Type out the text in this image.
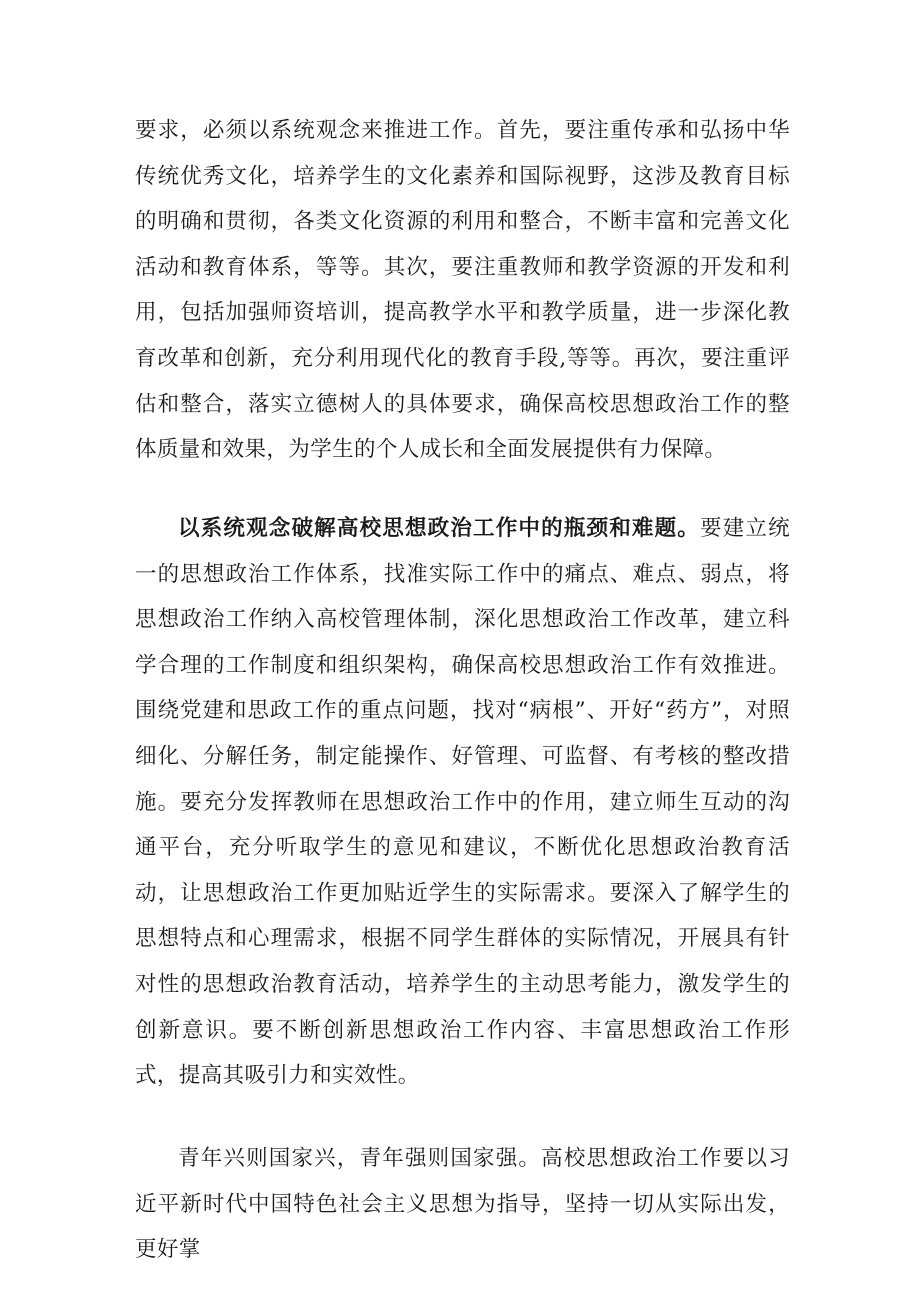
要求，必须以系统观念来推进工作。首先，要注重传承和弘扬中华传统优秀文化，培养学生的文化素养和国际视野，这涉及教育目标的明确和贯彻，各类文化资源的利用和整合，不断丰富和完善文化活动和教育体系，等等。其次，要注重教师和教学资源的开发和利用，包括加强师资培训，提高教学水平和教学质量，进一步深化教育改革和创新，充分利用现代化的教育手段,等等。再次，要注重评估和整合，落实立德树人的具体要求，确保高校思想政治工作的整体质量和效果，为学生的个人成长和全面发展提供有力保障。

以系统观念破解高校思想政治工作中的瓶颈和难题。要建立统一的思想政治工作体系，找准实际工作中的痛点、难点、弱点，将思想政治工作纳入高校管理体制，深化思想政治工作改革，建立科学合理的工作制度和组织架构，确保高校思想政治工作有效推进。围绕党建和思政工作的重点问题，找对“病根”、开好“药方”，对照细化、分解任务，制定能操作、好管理、可监督、有考核的整改措施。要充分发挥教师在思想政治工作中的作用，建立师生互动的沟通平台，充分听取学生的意见和建议，不断优化思想政治教育活动，让思想政治工作更加贴近学生的实际需求。要深入了解学生的思想特点和心理需求，根据不同学生群体的实际情况，开展具有针对性的思想政治教育活动，培养学生的主动思考能力，激发学生的创新意识。要不断创新思想政治工作内容、丰富思想政治工作形式，提高其吸引力和实效性。

青年兴则国家兴，青年强则国家强。高校思想政治工作要以习近平新时代中国特色社会主义思想为指导，坚持一切从实际出发，更好掌
